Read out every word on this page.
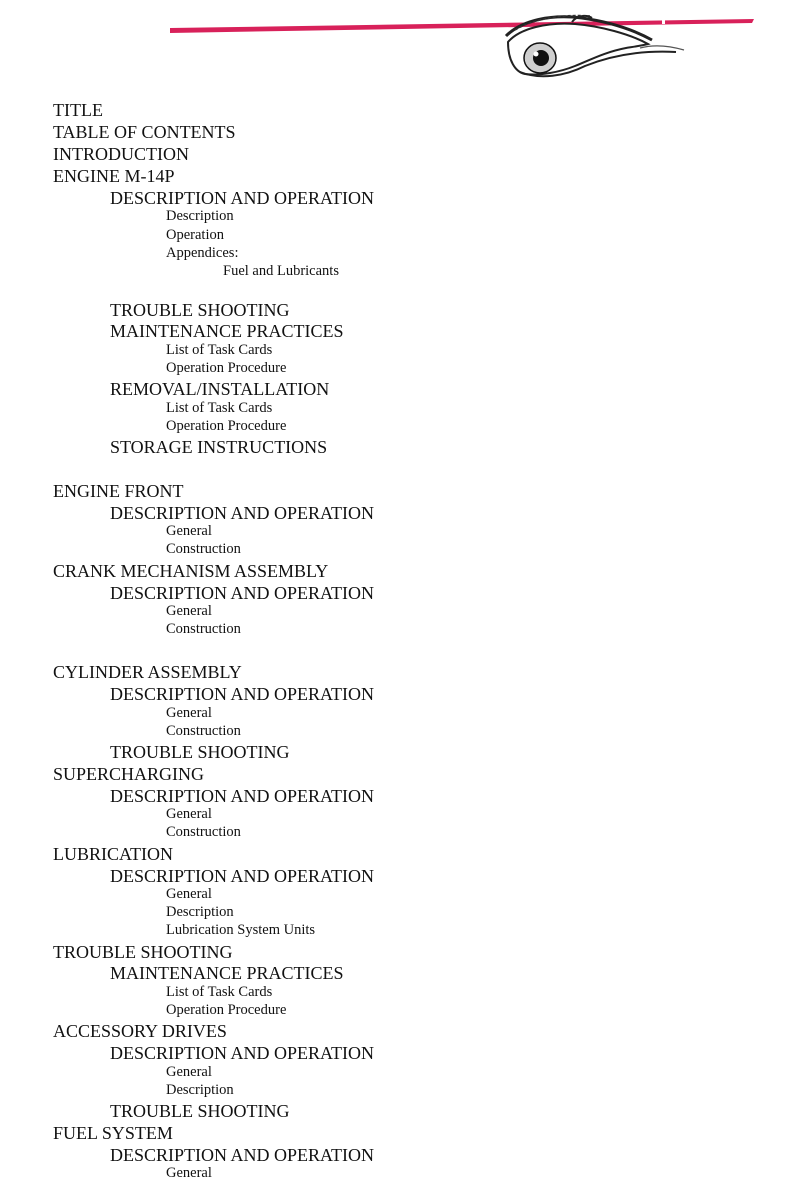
TITLE
TABLE OF CONTENTS
INTRODUCTION
ENGINE M-14P
DESCRIPTION AND OPERATION
Description
Operation
Appendices:
Fuel and Lubricants
TROUBLE SHOOTING
MAINTENANCE PRACTICES
List of Task Cards
Operation Procedure
REMOVAL/INSTALLATION
List of Task Cards
Operation Procedure
STORAGE INSTRUCTIONS
ENGINE FRONT
DESCRIPTION AND OPERATION
General
Construction
CRANK MECHANISM ASSEMBLY
DESCRIPTION AND OPERATION
General
Construction
CYLINDER ASSEMBLY
DESCRIPTION AND OPERATION
General
Construction
TROUBLE SHOOTING
SUPERCHARGING
DESCRIPTION AND OPERATION
General
Construction
LUBRICATION
DESCRIPTION AND OPERATION
General
Description
Lubrication System Units
TROUBLE SHOOTING
MAINTENANCE PRACTICES
List of Task Cards
Operation Procedure
ACCESSORY DRIVES
DESCRIPTION AND OPERATION
General
Description
TROUBLE SHOOTING
FUEL SYSTEM
DESCRIPTION AND OPERATION
General
